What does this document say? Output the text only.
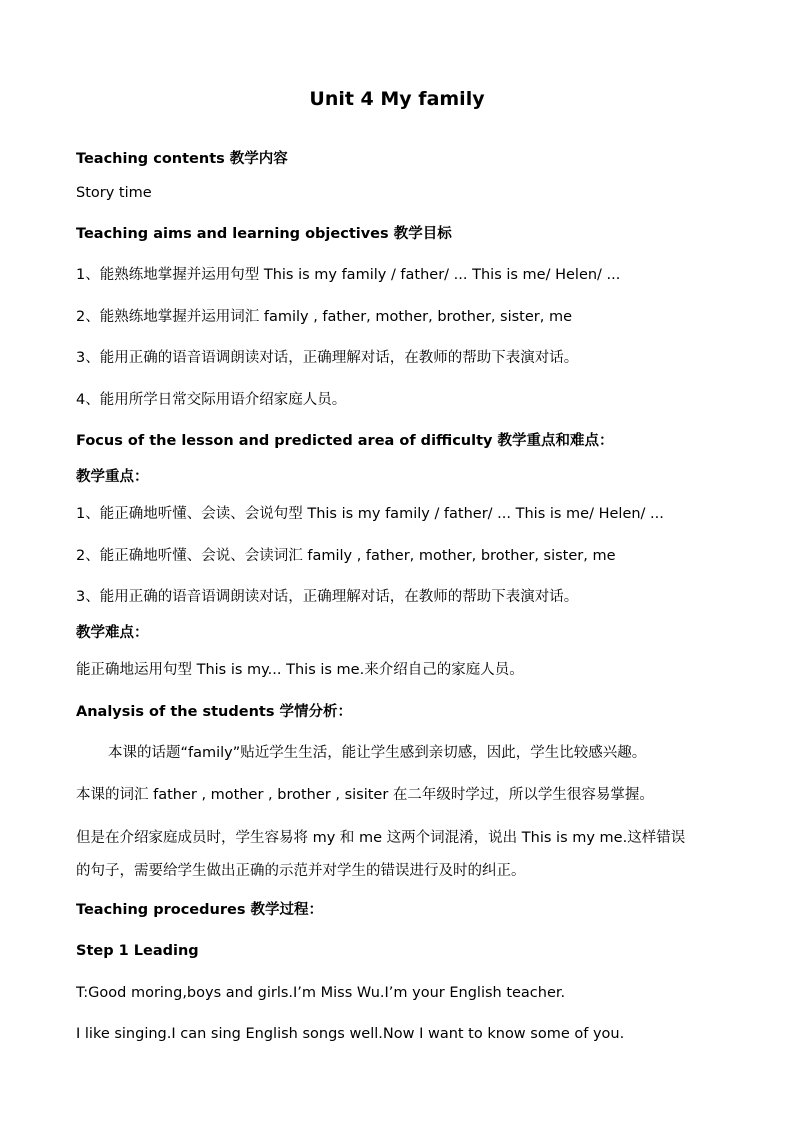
Unit 4 My family
Teaching contents 教学内容
Story time
Teaching aims and learning objectives 教学目标
1、能熟练地掌握并运用句型 This is my family / father/ ... This is me/ Helen/ ...
2、能熟练地掌握并运用词汇 family , father, mother, brother, sister, me
3、能用正确的语音语调朗读对话，正确理解对话，在教师的帮助下表演对话。
4、能用所学日常交际用语介绍家庭人员。
Focus of the lesson and predicted area of difficulty 教学重点和难点：
教学重点：
1、能正确地听懂、会读、会说句型 This is my family / father/ ... This is me/ Helen/ ...
2、能正确地听懂、会说、会读词汇 family , father, mother, brother, sister, me
3、能用正确的语音语调朗读对话，正确理解对话，在教师的帮助下表演对话。
教学难点：
能正确地运用句型 This is my... This is me.来介绍自己的家庭人员。
Analysis of the students 学情分析：
本课的话题“family”贴近学生生活，能让学生感到亲切感，因此，学生比较感兴趣。
本课的词汇 father , mother , brother , sisiter 在二年级时学过，所以学生很容易掌握。
但是在介绍家庭成员时，学生容易将 my 和 me 这两个词混淆，说出 This is my me.这样错误
的句子，需要给学生做出正确的示范并对学生的错误进行及时的纠正。
Teaching procedures 教学过程：
Step 1 Leading
T:Good moring,boys and girls.I’m Miss Wu.I’m your English teacher.
I like singing.I can sing English songs well.Now I want to know some of you.
